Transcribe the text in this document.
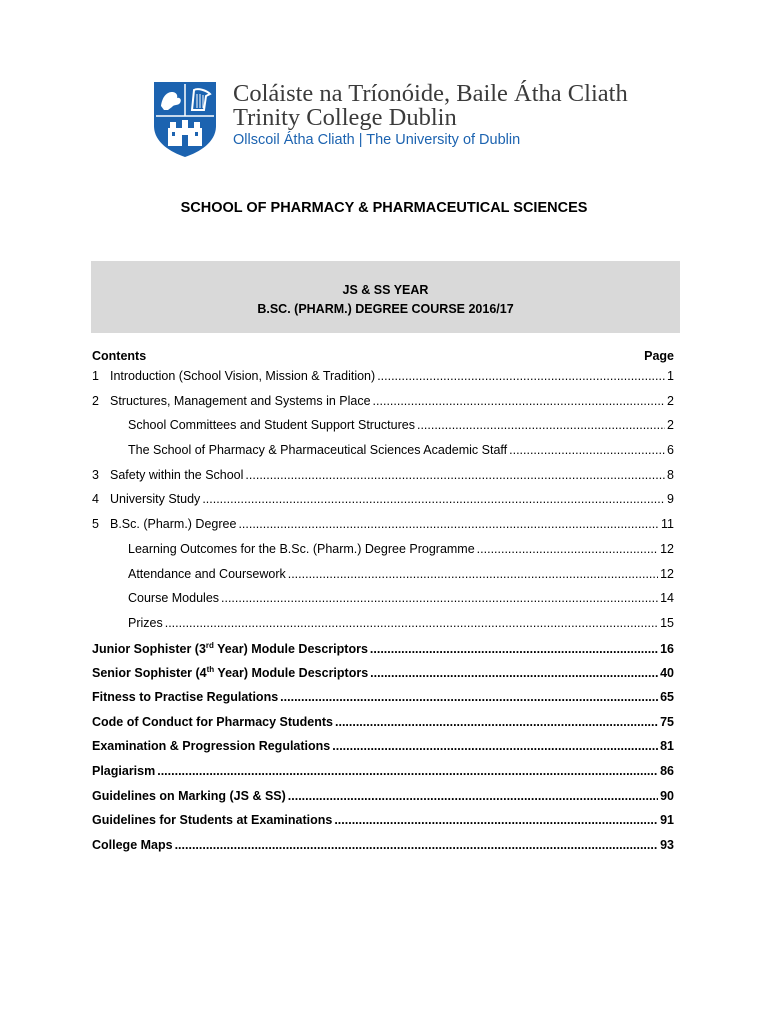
Coláiste na Tríonóide, Baile Átha Cliath
Trinity College Dublin
Ollscoil Átha Cliath | The University of Dublin
SCHOOL OF PHARMACY & PHARMACEUTICAL SCIENCES
JS & SS YEAR
B.SC. (PHARM.) DEGREE COURSE 2016/17
Contents	Page
1 Introduction (School Vision, Mission & Tradition) .....	1
2 Structures, Management and Systems in Place .....	2
School Committees and Student Support Structures .....	2
The School of Pharmacy & Pharmaceutical Sciences Academic Staff .....	6
3 Safety within the School .....	8
4 University Study .....	9
5 B.Sc. (Pharm.) Degree .....	11
Learning Outcomes for the B.Sc. (Pharm.) Degree Programme .....	12
Attendance and Coursework .....	12
Course Modules .....	14
Prizes .....	15
Junior Sophister (3rd Year) Module Descriptors .....	16
Senior Sophister (4th Year) Module Descriptors .....	40
Fitness to Practise Regulations .....	65
Code of Conduct for Pharmacy Students .....	75
Examination & Progression Regulations .....	81
Plagiarism .....	86
Guidelines on Marking (JS & SS) .....	90
Guidelines for Students at Examinations .....	91
College Maps .....	93
